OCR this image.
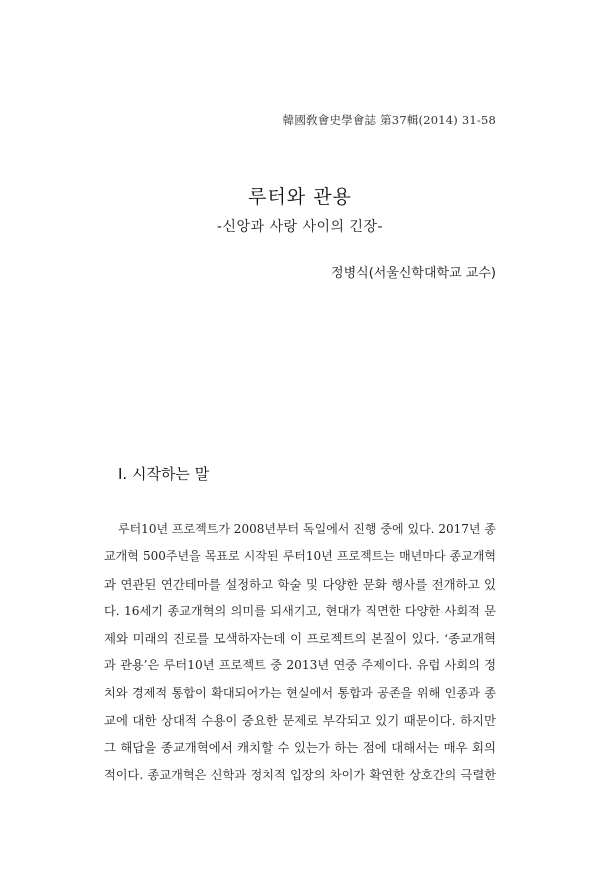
韓國敎會史學會誌 第37輯(2014) 31-58
루터와 관용
-신앙과 사랑 사이의 긴장-
정병식(서울신학대학교 교수)
I. 시작하는 말
루터10년 프로젝트가 2008년부터 독일에서 진행 중에 있다. 2017년 종
교개혁 500주년을 목표로 시작된 루터10년 프로젝트는 매년마다 종교개혁
과 연관된 연간테마를 설정하고 학술 및 다양한 문화 행사를 전개하고 있
다. 16세기 종교개혁의 의미를 되새기고, 현대가 직면한 다양한 사회적 문
제와 미래의 진로를 모색하자는데 이 프로젝트의 본질이 있다. ‘종교개혁
과 관용’은 루터10년 프로젝트 중 2013년 연중 주제이다. 유럽 사회의 정
치와 경제적 통합이 확대되어가는 현실에서 통합과 공존을 위해 인종과 종
교에 대한 상대적 수용이 중요한 문제로 부각되고 있기 때문이다. 하지만
그 해답을 종교개혁에서 캐치할 수 있는가 하는 점에 대해서는 매우 회의
적이다. 종교개혁은 신학과 정치적 입장의 차이가 확연한 상호간의 극렬한
